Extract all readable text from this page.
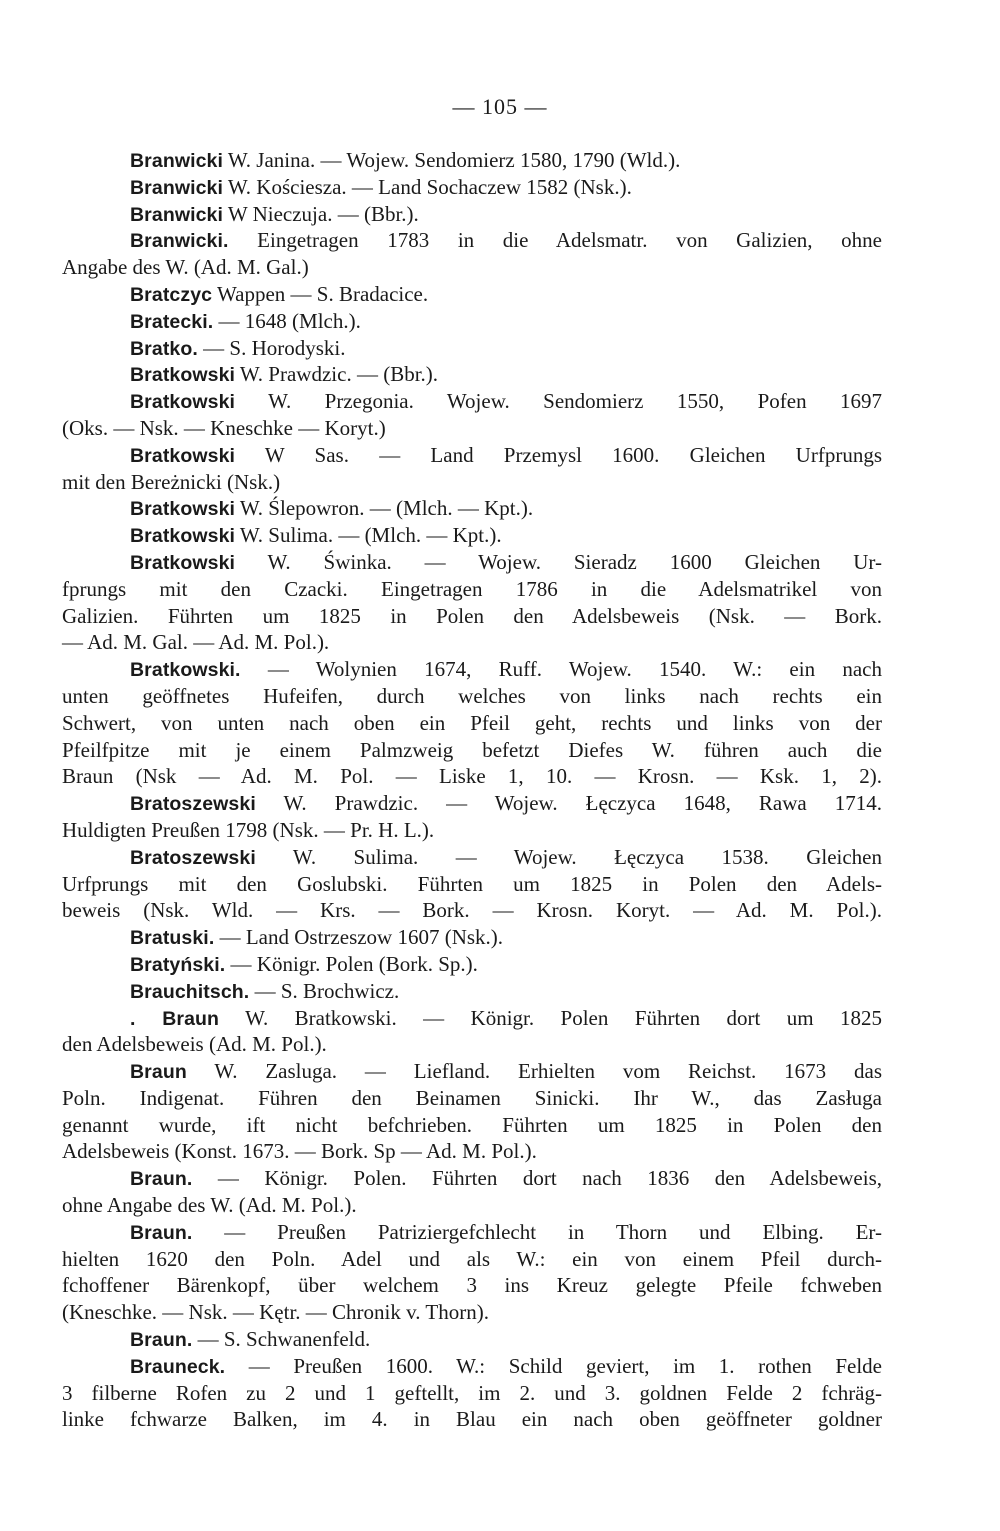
— 105 —
Branwicki W. Janina. — Wojew. Sendomierz 1580, 1790 (Wld.).
Branwicki W. Kościesza. — Land Sochaczew 1582 (Nsk.).
Branwicki W Nieczuja. — (Bbr.).
Branwicki. Eingetragen 1783 in die Adelsmatr. von Galizien, ohne
Angabe des W. (Ad. M. Gal.)
Bratczyc Wappen — S. Bradacice.
Bratecki. — 1648 (Mlch.).
Bratko. — S. Horodyski.
Bratkowski W. Prawdzic. — (Bbr.).
Bratkowski W. Przegonia. Wojew. Sendomierz 1550, Pofen 1697
(Oks. — Nsk. — Kneschke — Koryt.)
Bratkowski W Sas. — Land Przemysl 1600. Gleichen Urfprungs
mit den Bereżnicki (Nsk.)
Bratkowski W. Ślepowron. — (Mlch. — Kpt.).
Bratkowski W. Sulima. — (Mlch. — Kpt.).
Bratkowski W. Świnka. — Wojew. Sieradz 1600 Gleichen Ur-
fprungs mit den Czacki. Eingetragen 1786 in die Adelsmatrikel von
Galizien. Führten um 1825 in Polen den Adelsbeweis (Nsk. — Bork.
— Ad. M. Gal. — Ad. M. Pol.).
Bratkowski. — Wolynien 1674, Ruff. Wojew. 1540. W.: ein nach
unten geöffnetes Hufeifen, durch welches von links nach rechts ein
Schwert, von unten nach oben ein Pfeil geht, rechts und links von der
Pfeilfpitze mit je einem Palmzweig befetzt Diefes W. führen auch die
Braun (Nsk — Ad. M. Pol. — Liske 1, 10. — Krosn. — Ksk. 1, 2).
Bratoszewski W. Prawdzic. — Wojew. Łęczyca 1648, Rawa 1714.
Huldigten Preußen 1798 (Nsk. — Pr. H. L.).
Bratoszewski W. Sulima. — Wojew. Łęczyca 1538. Gleichen
Urfprungs mit den Goslubski. Führten um 1825 in Polen den Adels-
beweis (Nsk. Wld. — Krs. — Bork. — Krosn. Koryt. — Ad. M. Pol.).
Bratuski. — Land Ostrzeszow 1607 (Nsk.).
Bratyński. — Königr. Polen (Bork. Sp.).
Brauchitsch. — S. Brochwicz.
. Braun W. Bratkowski. — Königr. Polen Führten dort um 1825
den Adelsbeweis (Ad. M. Pol.).
Braun W. Zasluga. — Liefland. Erhielten vom Reichst. 1673 das
Poln. Indigenat. Führen den Beinamen Sinicki. Ihr W., das Zasługa
genannt wurde, ift nicht befchrieben. Führten um 1825 in Polen den
Adelsbeweis (Konst. 1673. — Bork. Sp — Ad. M. Pol.).
Braun. — Königr. Polen. Führten dort nach 1836 den Adelsbeweis,
ohne Angabe des W. (Ad. M. Pol.).
Braun. — Preußen Patriziergefchlecht in Thorn und Elbing. Er-
hielten 1620 den Poln. Adel und als W.: ein von einem Pfeil durch-
fchoffener Bärenkopf, über welchem 3 ins Kreuz gelegte Pfeile fchweben
(Kneschke. — Nsk. — Kętr. — Chronik v. Thorn).
Braun. — S. Schwanenfeld.
Brauneck. — Preußen 1600. W.: Schild geviert, im 1. rothen Felde
3 filberne Rofen zu 2 und 1 geftellt, im 2. und 3. goldnen Felde 2 fchräg-
linke fchwarze Balken, im 4. in Blau ein nach oben geöffneter goldner
